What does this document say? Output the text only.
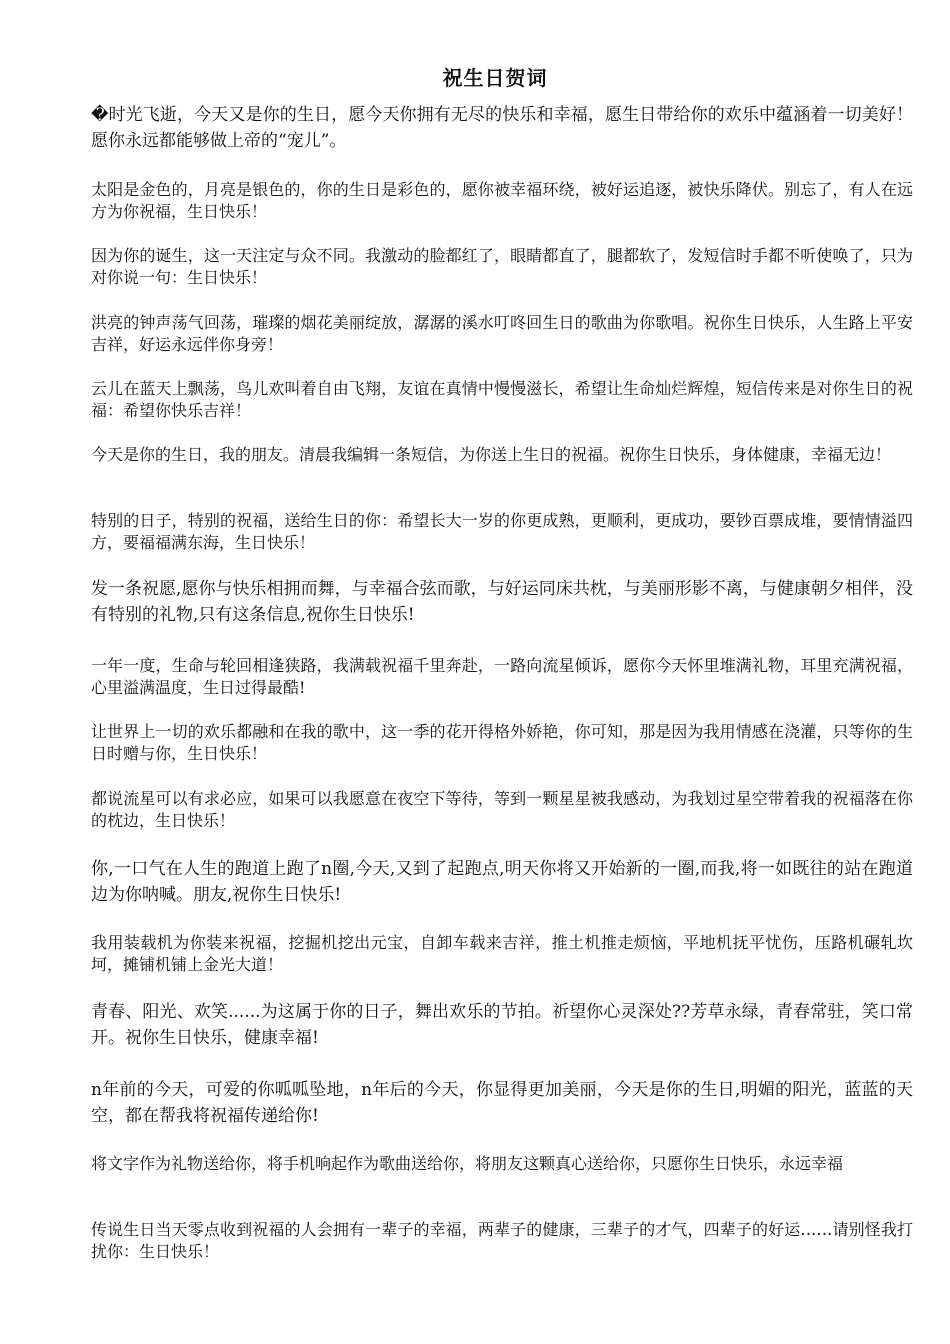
祝生日贺词

�时光飞逝，今天又是你的生日，愿今天你拥有无尽的快乐和幸福，愿生日带给你的欢乐中蕴涵着一切美好！愿你永远都能够做上帝的“宠儿”。

太阳是金色的，月亮是银色的，你的生日是彩色的，愿你被幸福环绕，被好运追逐，被快乐降伏。别忘了，有人在远方为你祝福，生日快乐！

因为你的诞生，这一天注定与众不同。我激动的脸都红了，眼睛都直了，腿都软了，发短信时手都不听使唤了，只为对你说一句：生日快乐！

洪亮的钟声荡气回荡，璀璨的烟花美丽绽放，潺潺的溪水叮咚回生日的歌曲为你歌唱。祝你生日快乐，人生路上平安吉祥，好运永远伴你身旁！

云儿在蓝天上飘荡，鸟儿欢叫着自由飞翔，友谊在真情中慢慢滋长，希望让生命灿烂辉煌，短信传来是对你生日的祝福：希望你快乐吉祥！

今天是你的生日，我的朋友。清晨我编辑一条短信，为你送上生日的祝福。祝你生日快乐，身体健康，幸福无边！

特别的日子，特别的祝福，送给生日的你：希望长大一岁的你更成熟，更顺利，更成功，要钞百票成堆，要情情溢四方，要福福满东海，生日快乐！

发一条祝愿,愿你与快乐相拥而舞，与幸福合弦而歌，与好运同床共枕，与美丽形影不离，与健康朝夕相伴，没有特别的礼物,只有这条信息,祝你生日快乐!

一年一度，生命与轮回相逢狭路，我满载祝福千里奔赴，一路向流星倾诉，愿你今天怀里堆满礼物，耳里充满祝福，心里溢满温度，生日过得最酷!

让世界上一切的欢乐都融和在我的歌中，这一季的花开得格外娇艳，你可知，那是因为我用情感在浇灌，只等你的生日时赠与你，生日快乐！

都说流星可以有求必应，如果可以我愿意在夜空下等待，等到一颗星星被我感动，为我划过星空带着我的祝福落在你的枕边，生日快乐！

你,一口气在人生的跑道上跑了n圈,今天,又到了起跑点,明天你将又开始新的一圈,而我,将一如既往的站在跑道边为你呐喊。朋友,祝你生日快乐!

我用装载机为你装来祝福，挖掘机挖出元宝，自卸车载来吉祥，推土机推走烦恼，平地机抚平忧伤，压路机碾轧坎坷，摊铺机铺上金光大道！

青春、阳光、欢笑......为这属于你的日子，舞出欢乐的节拍。祈望你心灵深处??芳草永绿，青春常驻，笑口常开。祝你生日快乐，健康幸福!

n年前的今天，可爱的你呱呱坠地，n年后的今天，你显得更加美丽，今天是你的生日,明媚的阳光，蓝蓝的天空，都在帮我将祝福传递给你!

将文字作为礼物送给你，将手机响起作为歌曲送给你，将朋友这颗真心送给你，只愿你生日快乐，永远幸福

传说生日当天零点收到祝福的人会拥有一辈子的幸福，两辈子的健康，三辈子的才气，四辈子的好运……请别怪我打扰你：生日快乐！
